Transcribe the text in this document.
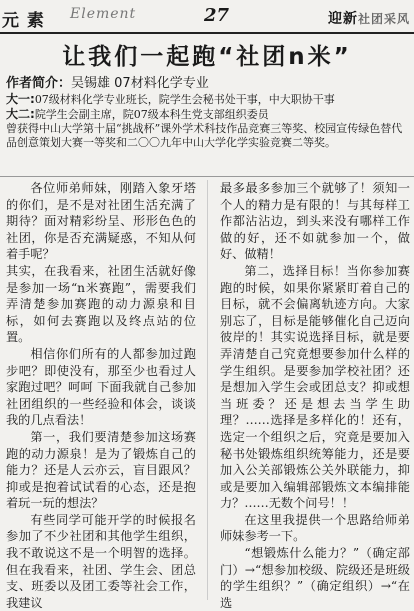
元 素 Element	27	迎新社团采风
让我们一起跑“社团n米”
作者简介：吴锡雄 07材料化学专业
大一:07级材料化学专业班长，院学生会秘书处干事，中大职协干事
大二:院学生会副主席，院07级本科生党支部组织委员
曾获得中山大学第十届“挑战杯”课外学术科技作品竞赛三等奖、校园宣传绿色替代品创意策划大赛一等奖和二〇〇九年中山大学化学实验竞赛二等奖。

各位师弟师妹，刚踏入象牙塔的你们，是不是对社团生活充满了期待？面对精彩纷呈、形形色色的社团，你是否充满疑惑，不知从何着手呢？

其实，在我看来，社团生活就好像是参加一场“n米赛跑”，需要我们弄清楚参加赛跑的动力源泉和目标，如何去赛跑以及终点站的位置。

相信你们所有的人都参加过跑步吧？即使没有，那至少也看过人家跑过吧？呵呵 下面我就自己参加社团组织的一些经验和体会，谈谈我的几点看法！

第一，我们要清楚参加这场赛跑的动力源泉！是为了锻炼自己的能力？还是人云亦云，盲目跟风？抑或是抱着试试看的心态，还是抱着玩一玩的想法？

有些同学可能开学的时候报名参加了不少社团和其他学生组织，我不敢说这不是一个明智的选择。但在我看来，社团、学生会、团总支、班委以及团工委等社会工作，我建议

最多最多参加三个就够了！须知一个人的精力是有限的！与其每样工作都沾沾边，到头来没有哪样工作做的好，还不如就参加一个，做好、做精！

第二，选择目标！当你参加赛跑的时候，如果你紧紧盯着自己的目标，就不会偏离轨迹方向。大家别忘了，目标是能够催化自己迈向彼岸的！其实说选择目标，就是要弄清楚自己究竟想要参加什么样的学生组织。是要参加学校社团？还是想加入学生会或团总支？抑或想当班委？还是想去当学生助理？……选择是多样化的！还有，选定一个组织之后，究竟是要加入秘书处锻炼组织统筹能力，还是要加入公关部锻炼公关外联能力，抑或是要加入编辑部锻炼文本编排能力？……无数个问号！！

在这里我提供一个思路给师弟师妹参考一下。

“想锻炼什么能力？”（确定部门）→“想参加校级、院级还是班级的学生组织？”（确定组织）→“在选
